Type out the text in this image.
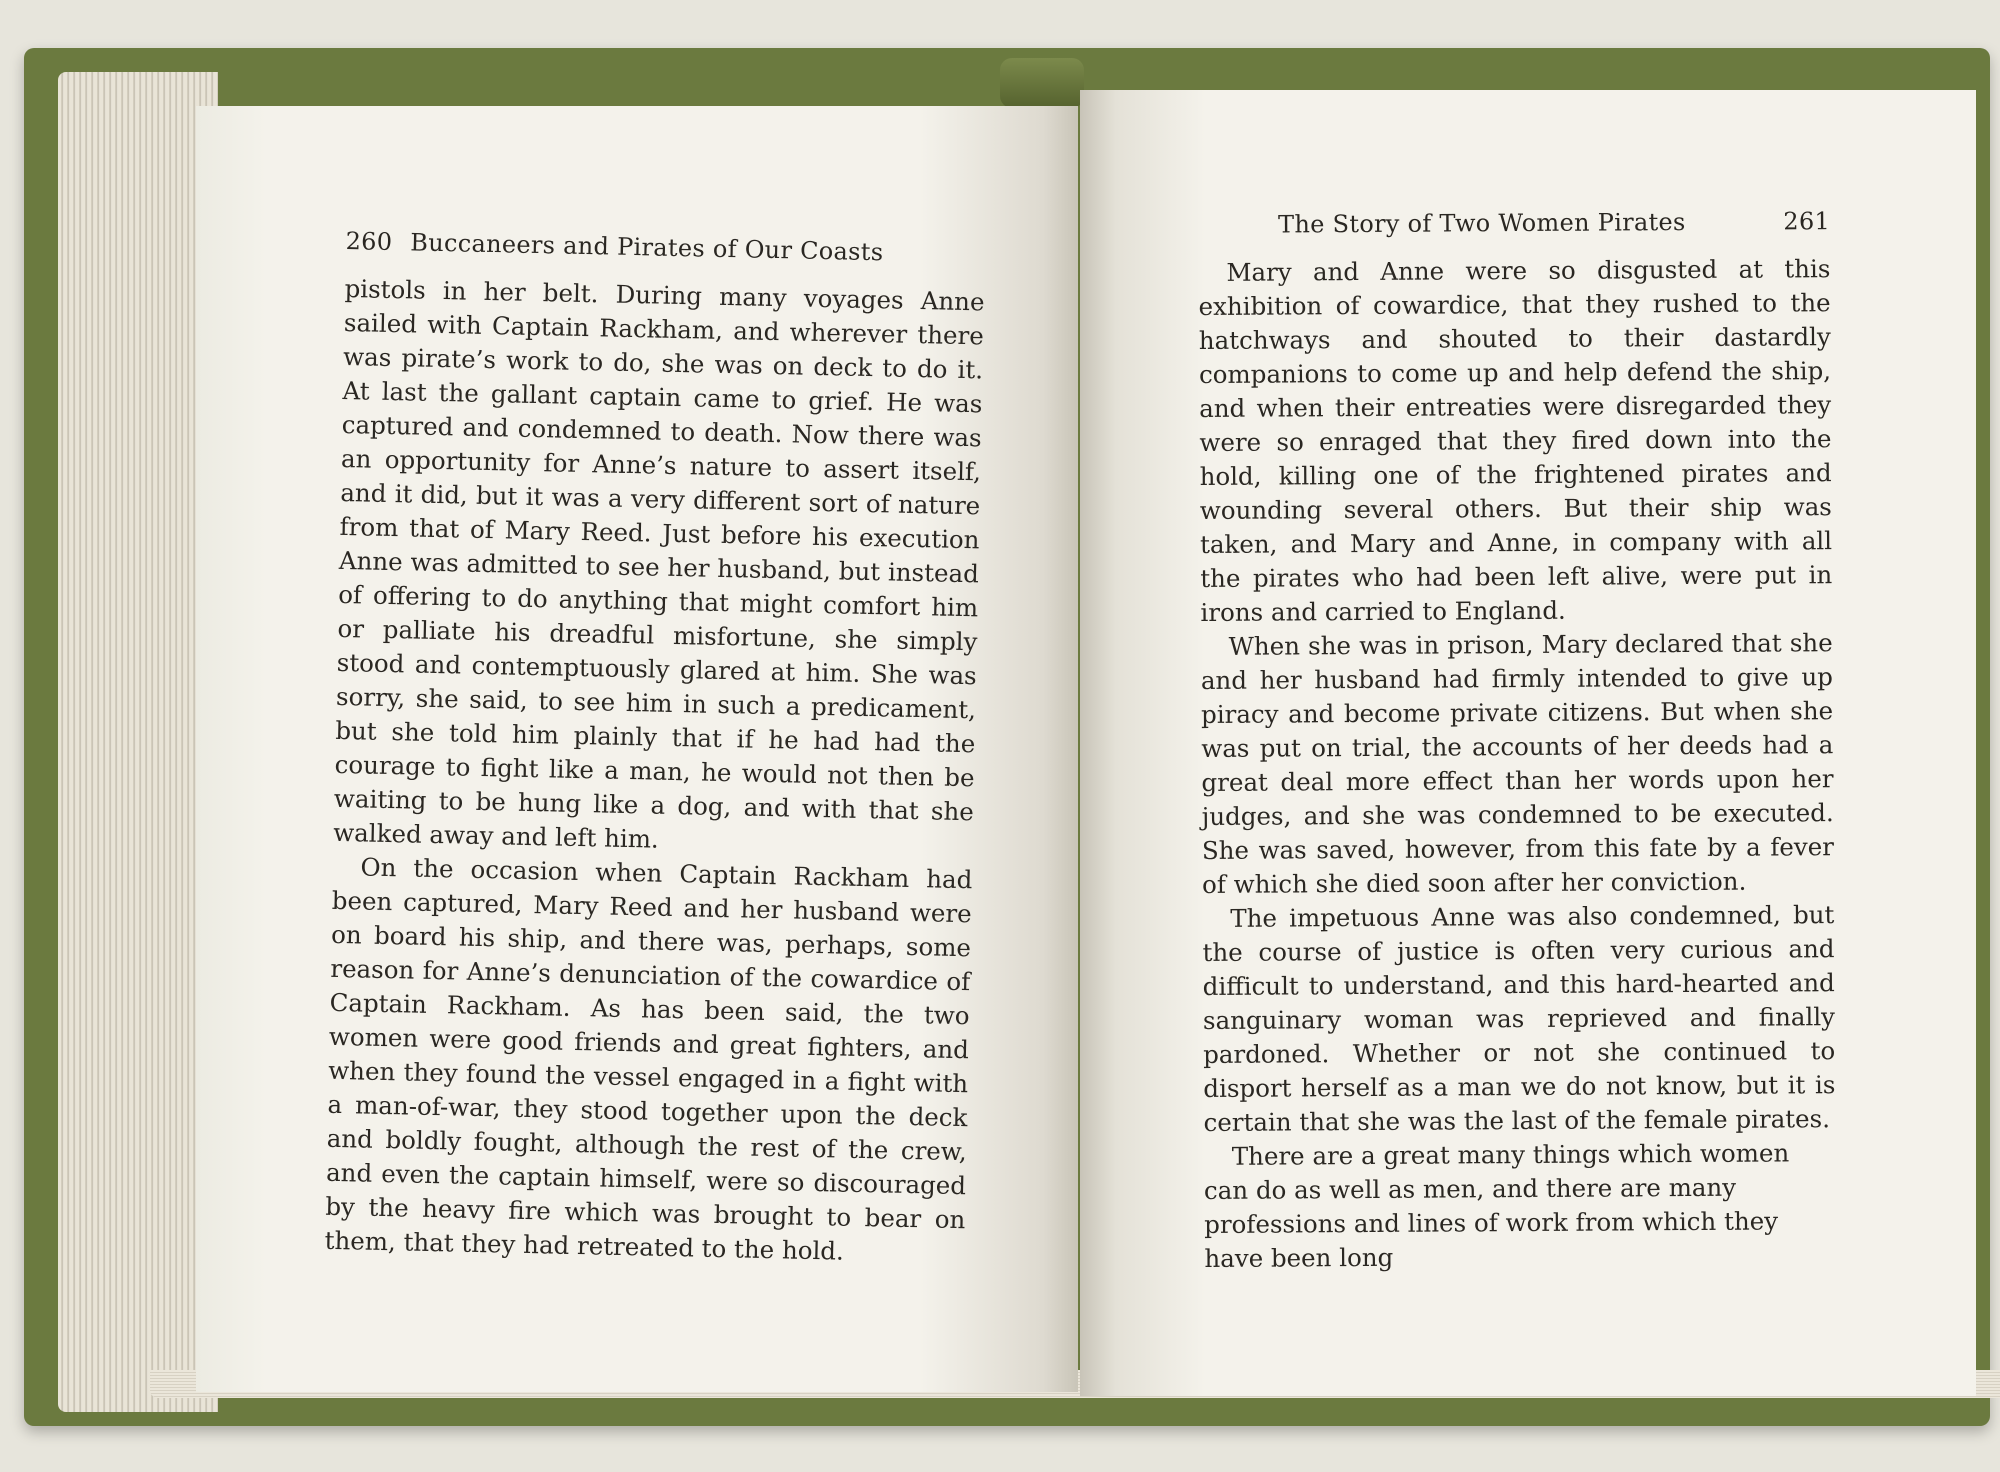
260 Buccaneers and Pirates of Our Coasts

pistols in her belt. During many voyages Anne sailed with Captain Rackham, and wherever there was pirate’s work to do, she was on deck to do it. At last the gallant captain came to grief. He was captured and condemned to death. Now there was an opportunity for Anne’s nature to assert itself, and it did, but it was a very different sort of nature from that of Mary Reed. Just before his execution Anne was admitted to see her husband, but instead of offering to do anything that might comfort him or palliate his dreadful misfortune, she simply stood and contemptuously glared at him. She was sorry, she said, to see him in such a predicament, but she told him plainly that if he had had the courage to fight like a man, he would not then be waiting to be hung like a dog, and with that she walked away and left him.

On the occasion when Captain Rackham had been captured, Mary Reed and her husband were on board his ship, and there was, perhaps, some reason for Anne’s denunciation of the cowardice of Captain Rackham. As has been said, the two women were good friends and great fighters, and when they found the vessel engaged in a fight with a man-of-war, they stood together upon the deck and boldly fought, although the rest of the crew, and even the captain himself, were so discouraged by the heavy fire which was brought to bear on them, that they had retreated to the hold.

The Story of Two Women Pirates	261

Mary and Anne were so disgusted at this exhibition of cowardice, that they rushed to the hatchways and shouted to their dastardly companions to come up and help defend the ship, and when their entreaties were disregarded they were so enraged that they fired down into the hold, killing one of the frightened pirates and wounding several others. But their ship was taken, and Mary and Anne, in company with all the pirates who had been left alive, were put in irons and carried to England.

When she was in prison, Mary declared that she and her husband had firmly intended to give up piracy and become private citizens. But when she was put on trial, the accounts of her deeds had a great deal more effect than her words upon her judges, and she was condemned to be executed. She was saved, however, from this fate by a fever of which she died soon after her conviction.

The impetuous Anne was also condemned, but the course of justice is often very curious and difficult to understand, and this hard-hearted and sanguinary woman was reprieved and finally pardoned. Whether or not she continued to disport herself as a man we do not know, but it is certain that she was the last of the female pirates.

There are a great many things which women can do as well as men, and there are many professions and lines of work from which they have been long
